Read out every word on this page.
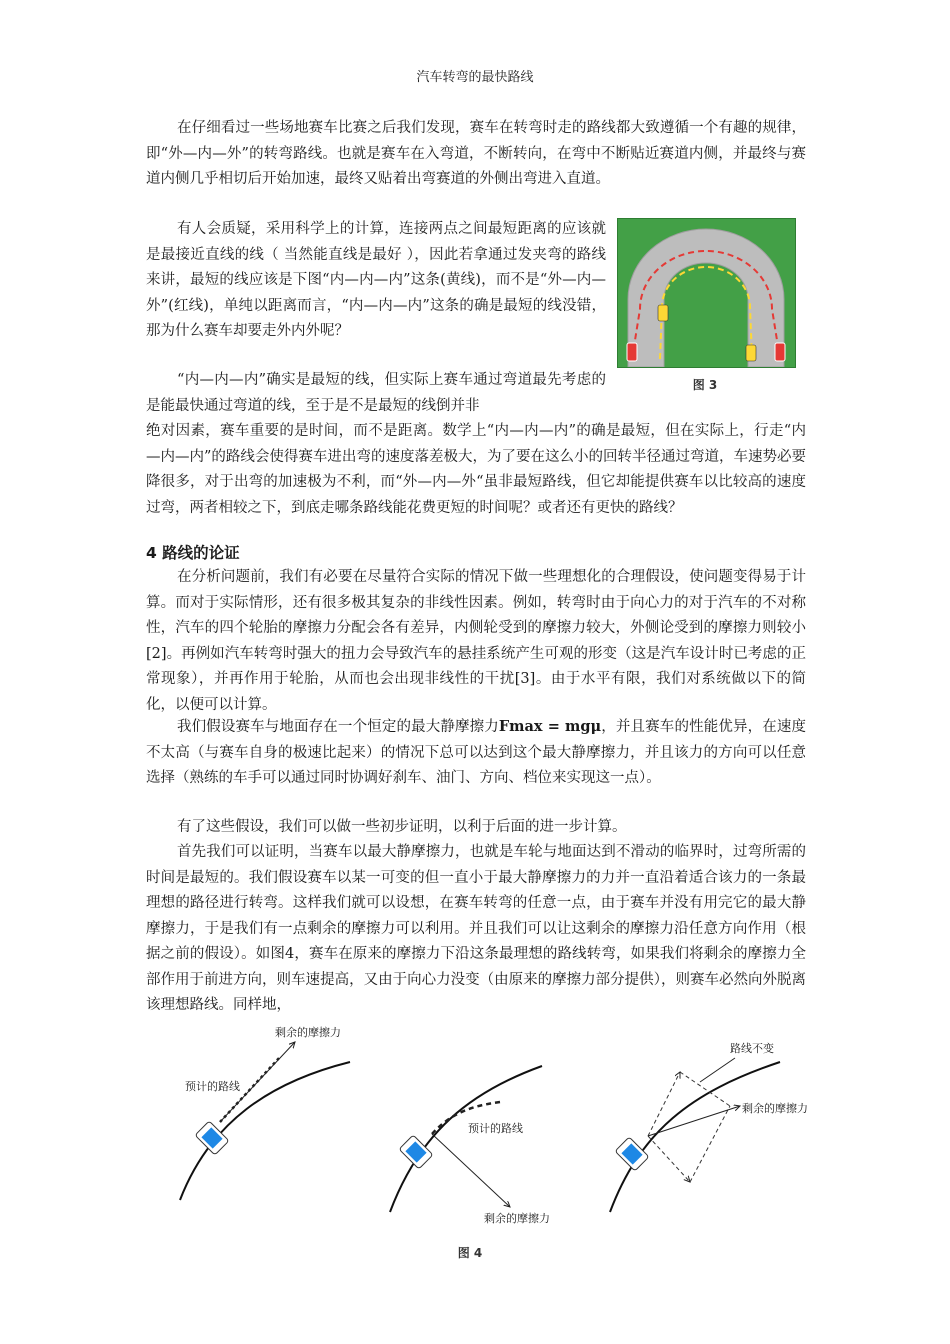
汽车转弯的最快路线

在仔细看过一些场地赛车比赛之后我们发现，赛车在转弯时走的路线都大致遵循一个有趣的规律，即“外—内—外”的转弯路线。也就是赛车在入弯道，不断转向，在弯中不断贴近赛道内侧，并最终与赛道内侧几乎相切后开始加速，最终又贴着出弯赛道的外侧出弯进入直道。

有人会质疑，采用科学上的计算，连接两点之间最短距离的应该就是最接近直线的线（ 当然能直线是最好 ），因此若拿通过发夹弯的路线来讲，最短的线应该是下图“内—内—内”这条(黄线)，而不是“外—内—外”(红线)，单纯以距离而言，“内—内—内”这条的确是最短的线没错，那为什么赛车却要走外内外呢？

“内—内—内”确实是最短的线，但实际上赛车通过弯道最先考虑的是能最快通过弯道的线，至于是不是最短的线倒并非

绝对因素，赛车重要的是时间，而不是距离。数学上“内—内—内”的确是最短，但在实际上，行走“内—内—内”的路线会使得赛车进出弯的速度落差极大，为了要在这么小的回转半径通过弯道，车速势必要降很多，对于出弯的加速极为不利，而“外—内—外“虽非最短路线，但它却能提供赛车以比较高的速度过弯，两者相较之下，到底走哪条路线能花费更短的时间呢？或者还有更快的路线？

图 3
4 路线的论证

在分析问题前，我们有必要在尽量符合实际的情况下做一些理想化的合理假设，使问题变得易于计算。而对于实际情形，还有很多极其复杂的非线性因素。例如，转弯时由于向心力的对于汽车的不对称性，汽车的四个轮胎的摩擦力分配会各有差异，内侧轮受到的摩擦力较大，外侧论受到的摩擦力则较小[2]。再例如汽车转弯时强大的扭力会导致汽车的悬挂系统产生可观的形变（这是汽车设计时已考虑的正常现象），并再作用于轮胎，从而也会出现非线性的干扰[3]。由于水平有限，我们对系统做以下的简化，以便可以计算。

我们假设赛车与地面存在一个恒定的最大静摩擦力Fmax = mgμ，并且赛车的性能优异，在速度不太高（与赛车自身的极速比起来）的情况下总可以达到这个最大静摩擦力，并且该力的方向可以任意选择（熟练的车手可以通过同时协调好刹车、油门、方向、档位来实现这一点）。

有了这些假设，我们可以做一些初步证明，以利于后面的进一步计算。

首先我们可以证明，当赛车以最大静摩擦力，也就是车轮与地面达到不滑动的临界时，过弯所需的时间是最短的。我们假设赛车以某一可变的但一直小于最大静摩擦力的力并一直沿着适合该力的一条最理想的路径进行转弯。这样我们就可以设想，在赛车转弯的任意一点，由于赛车并没有用完它的最大静摩擦力，于是我们有一点剩余的摩擦力可以利用。并且我们可以让这剩余的摩擦力沿任意方向作用（根据之前的假设）。如图4，赛车在原来的摩擦力下沿这条最理想的路线转弯，如果我们将剩余的摩擦力全部作用于前进方向，则车速提高，又由于向心力没变（由原来的摩擦力部分提供），则赛车必然向外脱离该理想路线。同样地，

剩余的摩擦力
预计的路线
预计的路线
剩余的摩擦力
路线不变
剩余的摩擦力
图 4
